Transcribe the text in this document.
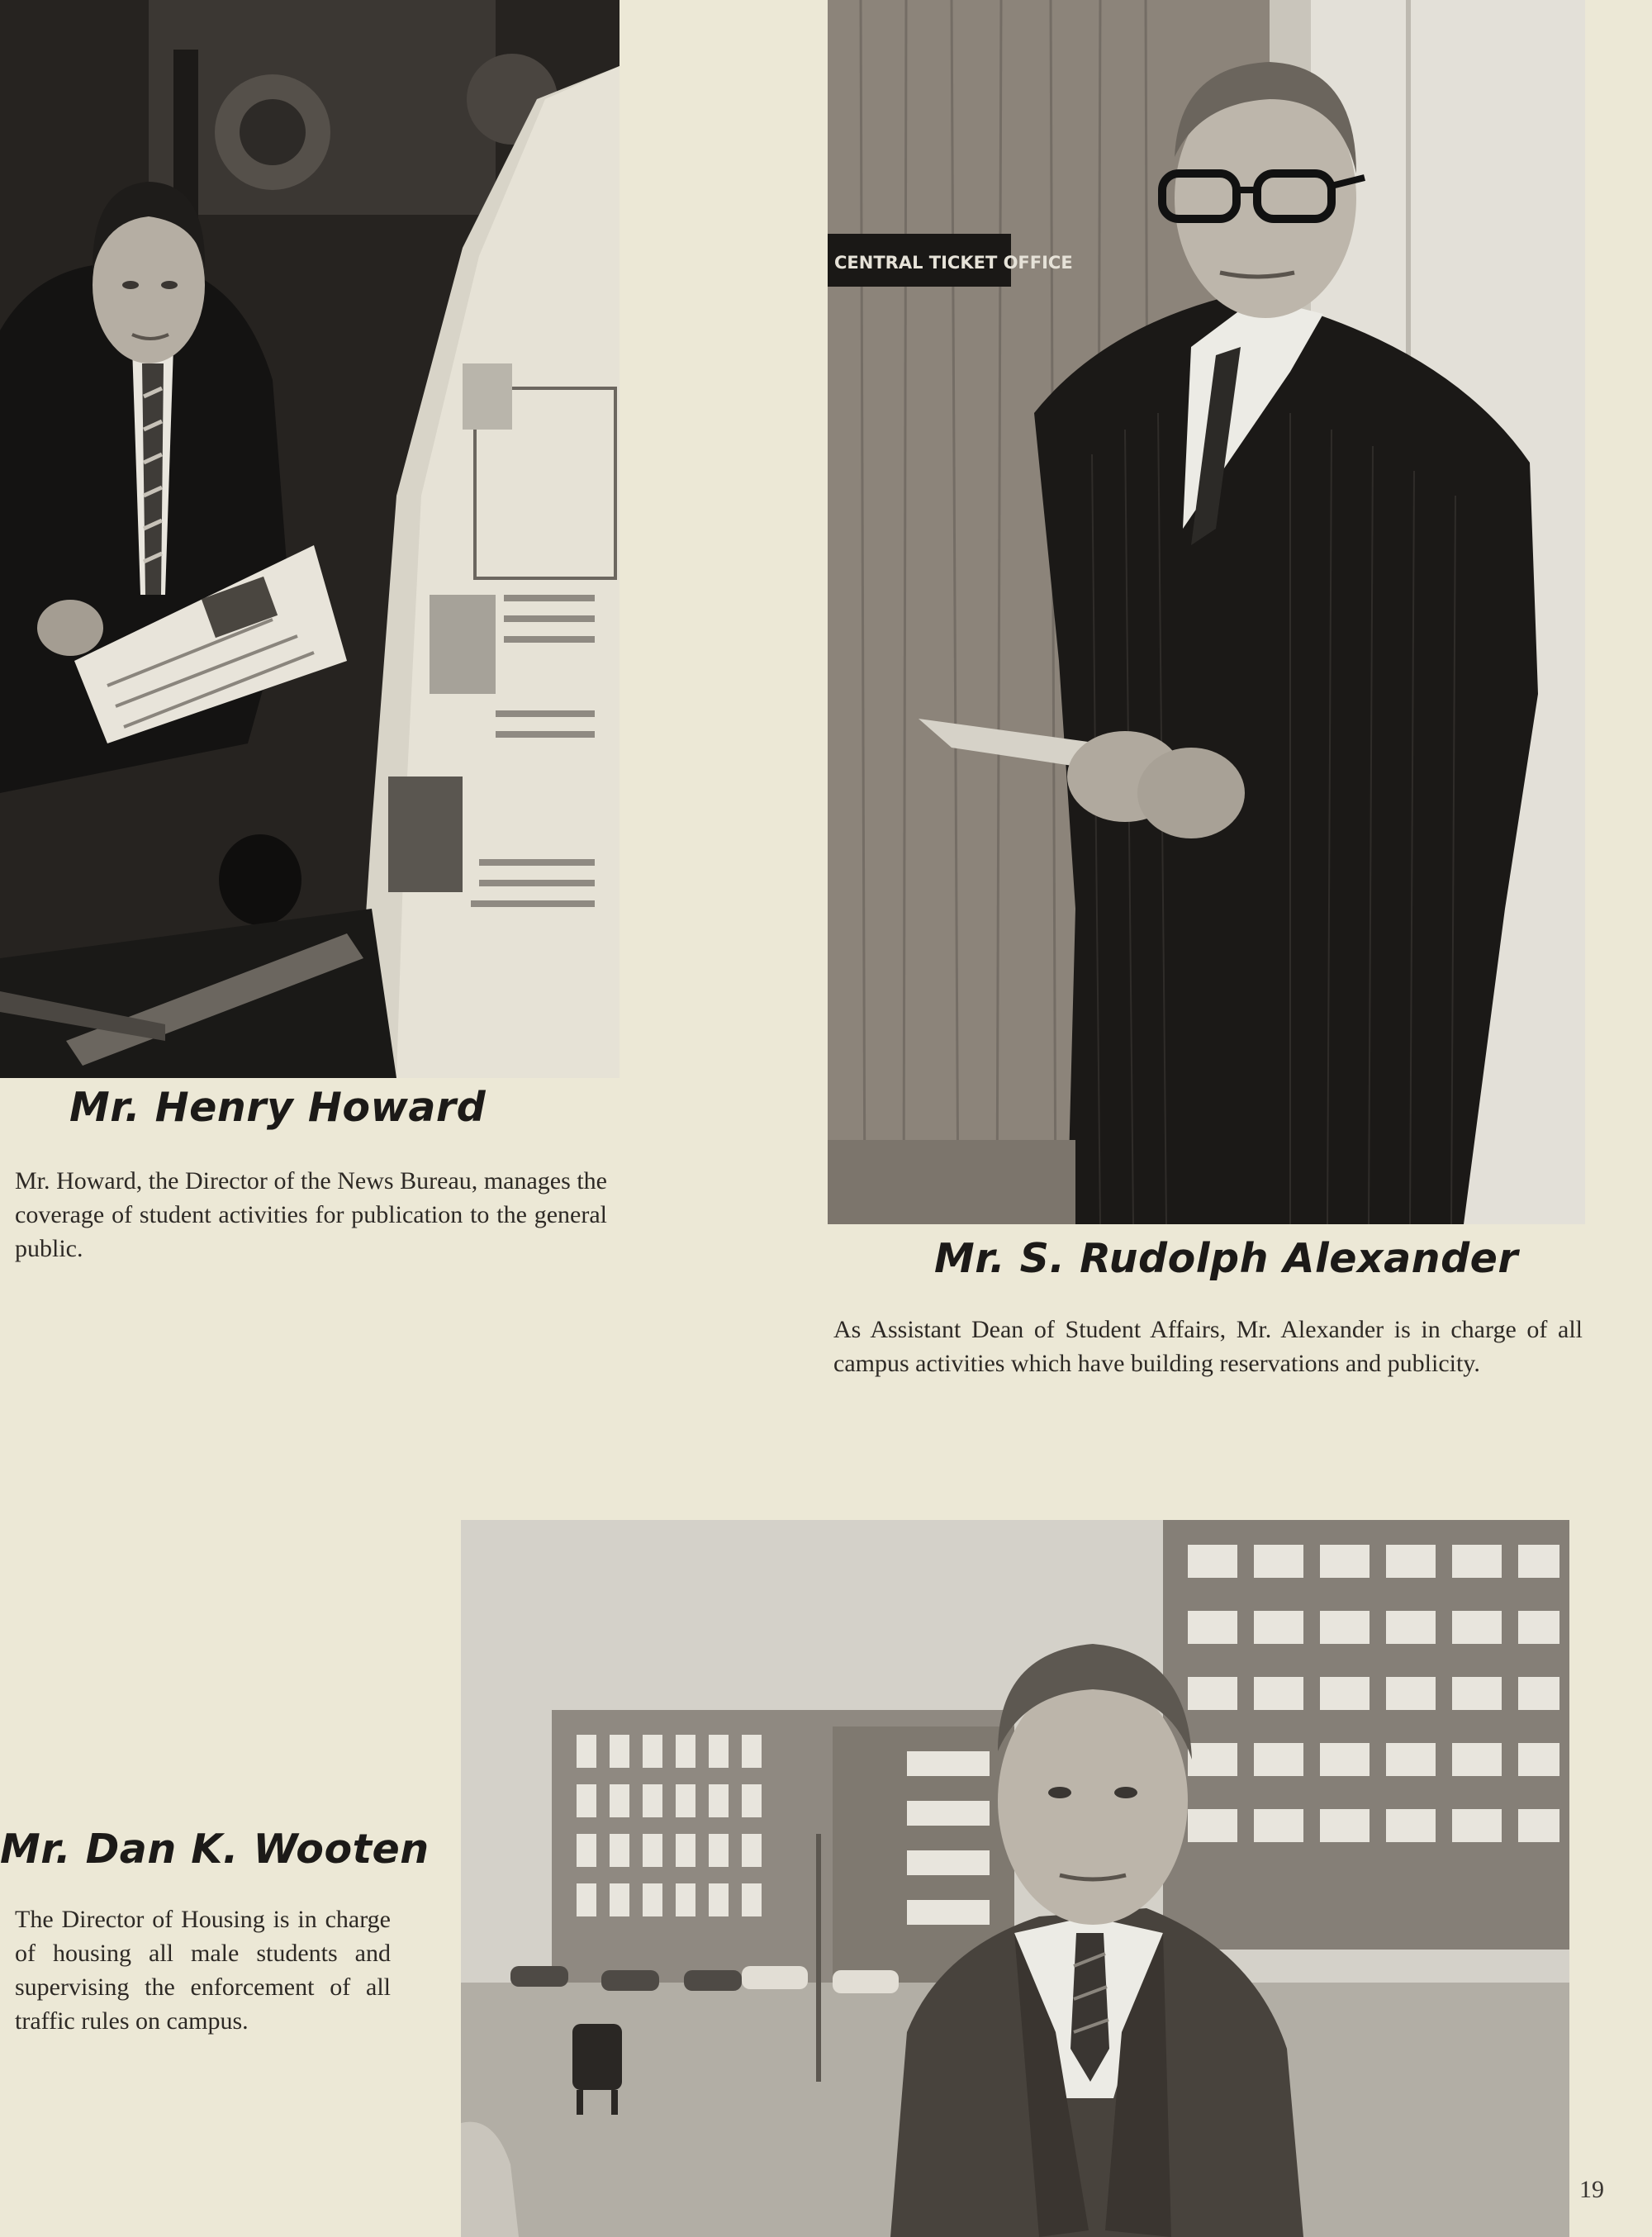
Mr. Henry Howard
Mr. Howard, the Director of the News Bureau, manages the coverage of student activities for publication to the general public.
CENTRAL TICKET OFFICE
Mr. S. Rudolph Alexander
As Assistant Dean of Student Affairs, Mr. Alexander is in charge of all campus activities which have building reservations and publicity.
Mr. Dan K. Wooten
The Director of Housing is in charge of housing all male students and supervising the enforcement of all traffic rules on campus.
19
